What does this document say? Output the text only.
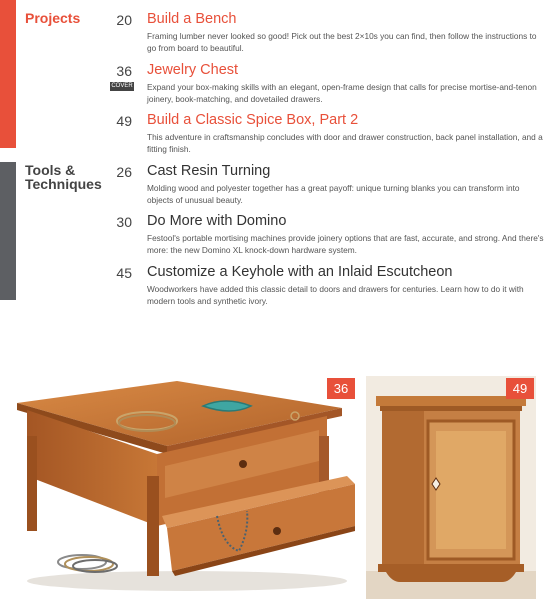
Projects
Tools & Techniques
20 Build a Bench
Framing lumber never looked so good! Pick out the best 2×10s you can find, then follow the instructions to go from board to beautiful.
36
COVER
Jewelry Chest
Expand your box-making skills with an elegant, open-frame design that calls for precise mortise-and-tenon joinery, book-matching, and dovetailed drawers.
49 Build a Classic Spice Box, Part 2
This adventure in craftsmanship concludes with door and drawer construction, back panel installation, and a fitting finish.
26 Cast Resin Turning
Molding wood and polyester together has a great payoff: unique turning blanks you can transform into objects of unusual beauty.
30 Do More with Domino
Festool's portable mortising machines provide joinery options that are fast, accurate, and strong. And there's more: the new Domino XL knock-down hardware system.
45 Customize a Keyhole with an Inlaid Escutcheon
Woodworkers have added this classic detail to doors and drawers for centuries. Learn how to do it with modern tools and synthetic ivory.
36	49
